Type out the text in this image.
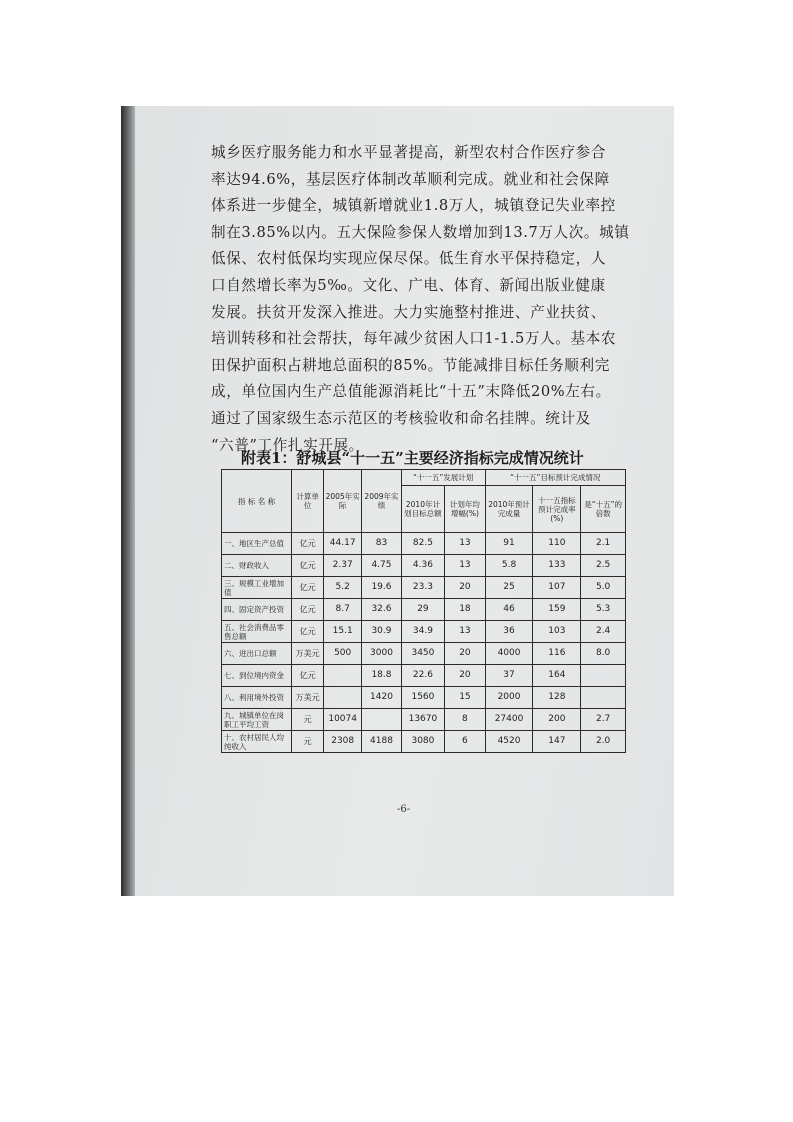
城乡医疗服务能力和水平显著提高，新型农村合作医疗参合
率达94.6%，基层医疗体制改革顺利完成。就业和社会保障
体系进一步健全，城镇新增就业1.8万人，城镇登记失业率控
制在3.85%以内。五大保险参保人数增加到13.7万人次。城镇
低保、农村低保均实现应保尽保。低生育水平保持稳定，人
口自然增长率为5‰。文化、广电、体育、新闻出版业健康
发展。扶贫开发深入推进。大力实施整村推进、产业扶贫、
培训转移和社会帮扶，每年减少贫困人口1-1.5万人。基本农
田保护面积占耕地总面积的85%。节能减排目标任务顺利完
成，单位国内生产总值能源消耗比“十五”末降低20%左右。
通过了国家级生态示范区的考核验收和命名挂牌。统计及
“六普”工作扎实开展。
附表1：舒城县“十一五”主要经济指标完成情况统计
指 标 名 称	计算单位	2005年实际	2009年实绩	“十一五”发展计划		“十一五”目标预计完成情况		
				2010年计划目标总额	计划年均增幅(%)	2010年预计完成量	十一五指标预计完成率(%)	是“十五”的倍数
一、地区生产总值	亿元	44.17	83	82.5	13	91	110	2.1
二、财政收入	亿元	2.37	4.75	4.36	13	5.8	133	2.5
三、规模工业增加值	亿元	5.2	19.6	23.3	20	25	107	5.0
四、固定资产投资	亿元	8.7	32.6	29	18	46	159	5.3
五、社会消费品零售总额	亿元	15.1	30.9	34.9	13	36	103	2.4
六、进出口总额	万美元	500	3000	3450	20	4000	116	8.0
七、到位境内资金	亿元		18.8	22.6	20	37	164	
八、利用境外投资	万美元		1420	1560	15	2000	128	
九、城镇单位在岗职工平均工资	元	10074		13670	8	27400	200	2.7
十、农村居民人均纯收入	元	2308	4188	3080	6	4520	147	2.0
-6-
